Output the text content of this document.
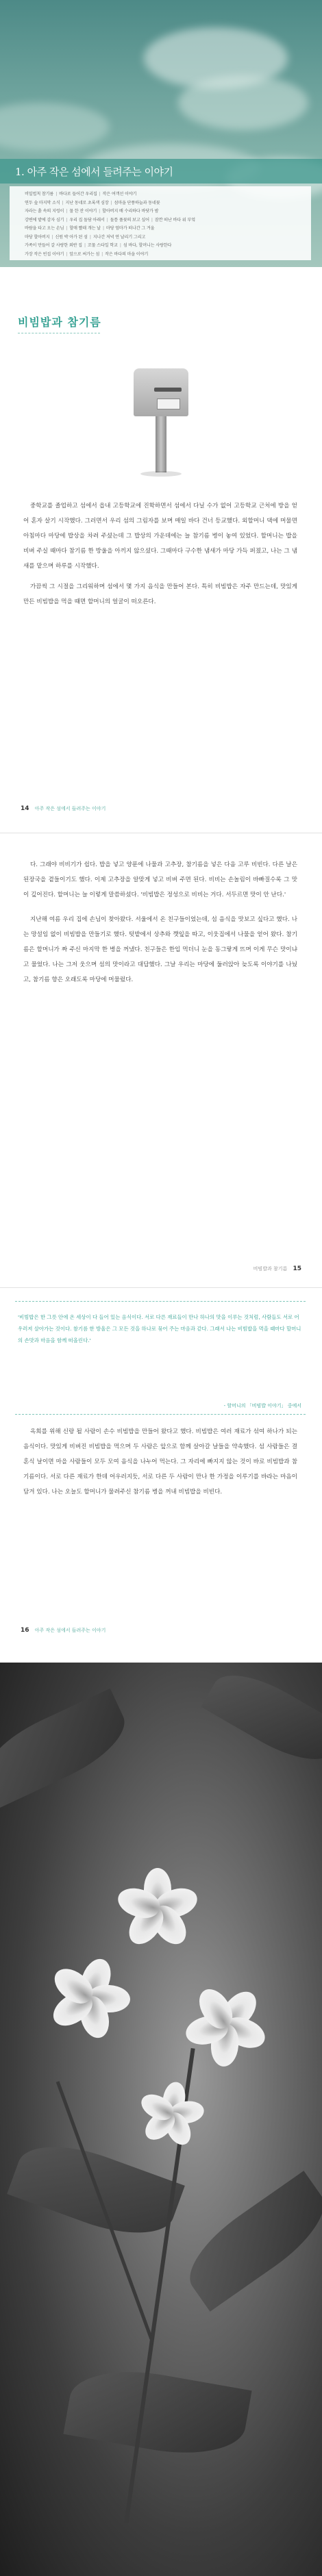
1. 아주 작은 섬에서 들려주는 이야기
비밀법칙 참기름 | 바다로 들어간 우리집 | 작은 여객선 이야기
연두 숲 마지막 소식 | 지난 동네로 초록색 심장 | 섬마을 단풍하늘과 동네꽃
자라는 흙 속의 지렁이 | 물 한 잔 이야기 | 할아버지 배 수리하다 바닷가 밤
강변에 밭에 감자 심기 | 우리 집 돌담 아래서 | 돌틈 풀꽃의 보고 싶어 | 잠깐 떠난 바다 위 부엌
바람을 타고 오는 손님 | 할매 빨래 개는 날 | 마당 엄마가 떠나간 그 겨울
마당 할아버지 | 신원 박 아가 된 섬 | 지나간 저녁 연 날리기 그리고
가족이 만들어 갈 사랑한 외딴 집 | 꼬물 스타일 학교 | 섬 바다, 할머니는 사랑한다
가장 작은 빈집 이야기 | 앞으로 써가는 섬 | 작은 바다의 마을 이야기
비빔밥과 참기름

중학교를 졸업하고 섬에서 읍내 고등학교에 진학하면서 섬에서 다닐 수가 없어 고등학교 근처에 방을 얻어 혼자 살기 시작했다. 그러면서 우리 섬의 그림자를 보며 매일 바다 건너 등교했다. 외할머니 댁에 머물면 아침마다 마당에 밥상을 차려 주셨는데 그 밥상의 가운데에는 늘 참기름 병이 놓여 있었다. 할머니는 밥을 비벼 주실 때마다 참기름 한 방울을 아끼지 않으셨다. 그때마다 구수한 냄새가 마당 가득 퍼졌고, 나는 그 냄새를 맡으며 하루를 시작했다.

가끔씩 그 시절을 그리워하며 섬에서 몇 가지 음식을 만들어 본다. 특히 비빔밥은 자주 만드는데, 맛있게 만든 비빔밥을 먹을 때면 할머니의 얼굴이 떠오른다.

14 아주 작은 섬에서 들려주는 이야기

다. 그래야 비비기가 쉽다. 밥을 넣고 양푼에 나물과 고추장, 참기름을 넣은 다음 고루 비빈다. 다른 날은 된장국을 곁들이기도 했다. 이제 고추장을 알맞게 넣고 비벼 주면 된다. 비비는 손놀림이 바빠질수록 그 맛이 깊어진다. 할머니는 늘 이렇게 말씀하셨다. '비빔밥은 정성으로 비비는 거다. 서두르면 맛이 안 난다.'

지난해 여름 우리 집에 손님이 찾아왔다. 서울에서 온 친구들이었는데, 섬 음식을 맛보고 싶다고 했다. 나는 망설임 없이 비빔밥을 만들기로 했다. 텃밭에서 상추와 깻잎을 따고, 이웃집에서 나물을 얻어 왔다. 참기름은 할머니가 짜 주신 마지막 한 병을 꺼냈다. 친구들은 한입 먹더니 눈을 동그랗게 뜨며 이게 무슨 맛이냐고 물었다. 나는 그저 웃으며 섬의 맛이라고 대답했다. 그날 우리는 마당에 둘러앉아 늦도록 이야기를 나눴고, 참기름 향은 오래도록 마당에 머물렀다.

비빔밥과 참기름 15
'비빔밥은 한 그릇 안에 온 세상이 다 들어 있는 음식이다. 서로 다른 재료들이 만나 하나의 맛을 이루는 것처럼, 사람들도 서로 어우러져 살아가는 것이다. 참기름 한 방울은 그 모든 것을 하나로 묶어 주는 마음과 같다. 그래서 나는 비빔밥을 먹을 때마다 할머니의 손맛과 마음을 함께 떠올린다.'
- 할머니의 「비빔밥 이야기」 중에서

옥희를 위해 신랑 될 사람이 손수 비빔밥을 만들어 왔다고 했다. 비빔밥은 여러 재료가 섞여 하나가 되는 음식이다. 맛있게 비벼진 비빔밥을 먹으며 두 사람은 앞으로 함께 살아갈 날들을 약속했다. 섬 사람들은 결혼식 날이면 마을 사람들이 모두 모여 음식을 나누어 먹는다. 그 자리에 빠지지 않는 것이 바로 비빔밥과 참기름이다. 서로 다른 재료가 한데 어우러지듯, 서로 다른 두 사람이 만나 한 가정을 이루기를 바라는 마음이 담겨 있다. 나는 오늘도 할머니가 물려주신 참기름 병을 꺼내 비빔밥을 비빈다.

16 아주 작은 섬에서 들려주는 이야기
